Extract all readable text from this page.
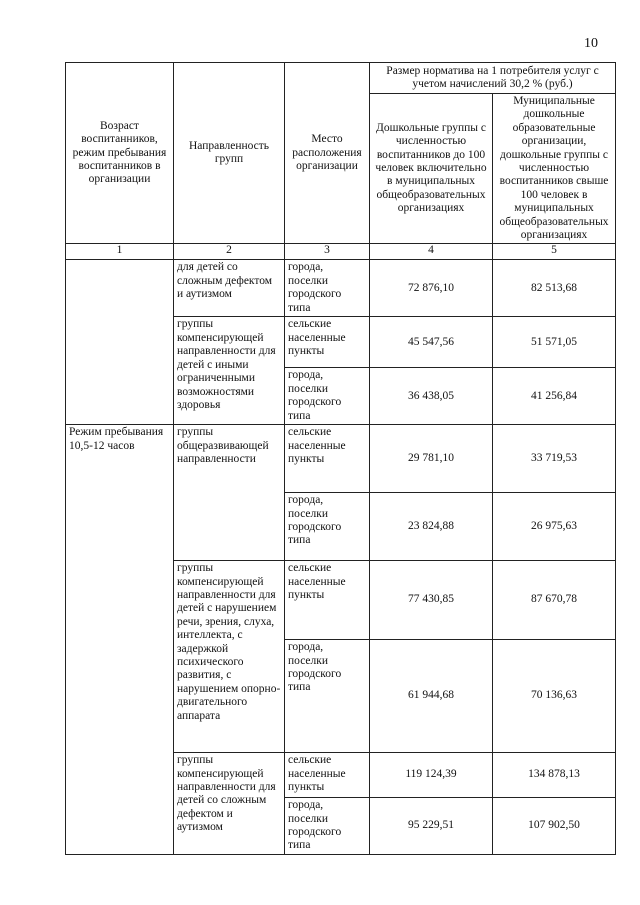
10
Возраст воспитанников, режим пребывания воспитанников в организации	Направленность групп	Место расположения организации	Размер норматива на 1 потребителя услуг с учетом начислений 30,2 % (руб.)	
			Дошкольные группы с численностью воспитанников до 100 человек включительно в муниципальных общеобразовательных организациях	Муниципальные дошкольные образовательные организации, дошкольные группы с численностью воспитанников свыше 100 человек в муниципальных общеобразовательных организациях
1	2	3	4	5
	для детей со сложным дефектом и аутизмом	города, поселки городского типа	72 876,10	82 513,68
	группы компенсирующей направленности для детей с иными ограниченными возможностями здоровья	сельские населенные пункты	45 547,56	51 571,05
		города, поселки городского типа	36 438,05	41 256,84
Режим пребывания 10,5-12 часов	группы общеразвивающей направленности	сельские населенные пункты	29 781,10	33 719,53
		города, поселки городского типа	23 824,88	26 975,63
	группы компенсирующей направленности для детей с нарушением речи, зрения, слуха, интеллекта, с задержкой психического развития, с нарушением опорно-двигательного аппарата	сельские населенные пункты	77 430,85	87 670,78
		города, поселки городского типа	61 944,68	70 136,63
	группы компенсирующей направленности для детей со сложным дефектом и аутизмом	сельские населенные пункты	119 124,39	134 878,13
		города, поселки городского типа	95 229,51	107 902,50
